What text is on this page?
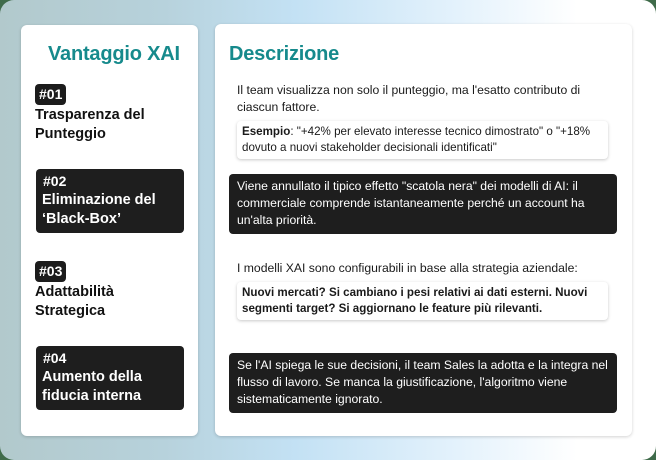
Vantaggio XAI
#01
Trasparenza del Punteggio
#02
Eliminazione del ‘Black-Box’
#03
Adattabilità Strategica
#04
Aumento della fiducia interna
Descrizione
Il team visualizza non solo il punteggio, ma l'esatto contributo di ciascun fattore.
Esempio: "+42% per elevato interesse tecnico dimostrato" o "+18% dovuto a nuovi stakeholder decisionali identificati"
Viene annullato il tipico effetto "scatola nera" dei modelli di AI: il commerciale comprende istantaneamente perché un account ha un'alta priorità.
I modelli XAI sono configurabili in base alla strategia aziendale:
Nuovi mercati? Si cambiano i pesi relativi ai dati esterni. Nuovi segmenti target? Si aggiornano le feature più rilevanti.
Se l'AI spiega le sue decisioni, il team Sales la adotta e la integra nel flusso di lavoro. Se manca la giustificazione, l'algoritmo viene sistematicamente ignorato.
